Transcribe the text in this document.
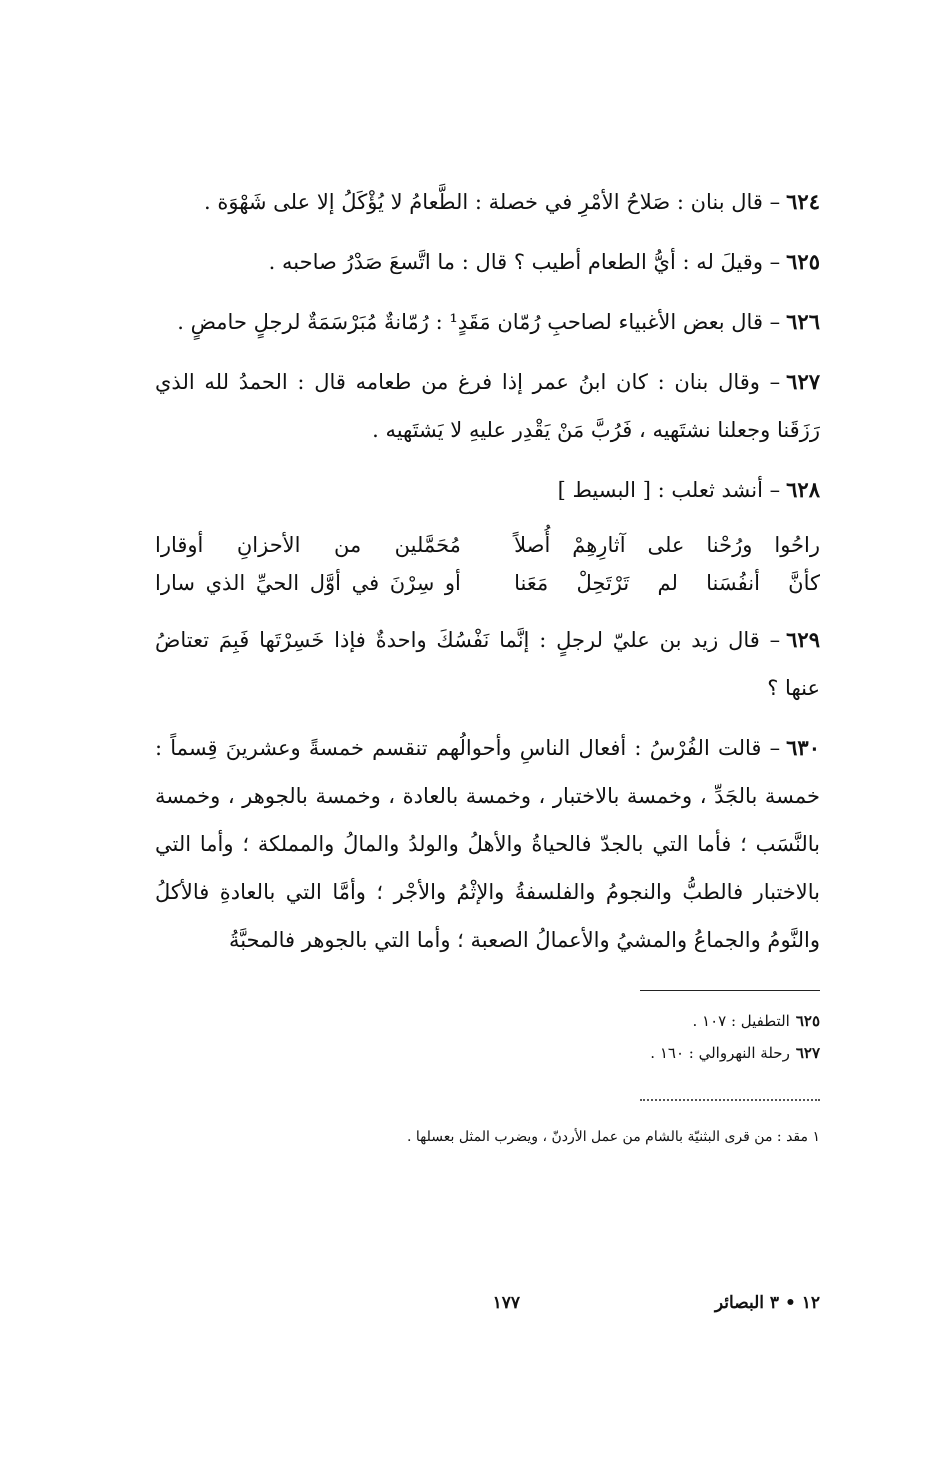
٦٢٤– قال بنان : صَلاحُ الأمْرِ في خصلة : الطَّعامُ لا يُؤْكَلُ إلا على شَهْوَة .

٦٢٥– وقيلَ له : أيُّ الطعام أطيب ؟ قال : ما اتَّسعَ صَدْرُ صاحبه .

٦٢٦– قال بعض الأغبياء لصاحبِ رُمّان مَقَدٍ¹ : رُمّانةٌ مُبَرْسَمَةٌ لرجلٍ حامضٍ .

٦٢٧– وقال بنان : كان ابنُ عمر إذا فرغ من طعامه قال : الحمدُ لله الذي رَزَقَنا وجعلنا نشتَهيه ، فَرُبَّ مَنْ يَقْدِر عليهِ لا يَشتَهيه .

٦٢٨– أنشد ثعلب : [ البسيط ]

راحُوا ورُحْنا على آثارِهِمْ أُصلاً
مُحَمَّلين من الأحزانِ أوقارا
كأنَّ أنفُسَنا لم تَرْتَحِلْ مَعَنا
أو سِرْنَ في أوَّل الحيِّ الذي سارا

٦٢٩– قال زيد بن عليّ لرجلٍ : إنَّما نَفْسُكَ واحدةٌ فإذا خَسِرْتَها فَبِمَ تعتاضُ عنها ؟

٦٣٠– قالت الفُرْسُ : أفعال الناسِ وأحوالُهم تنقسم خمسةً وعشرينَ قِسماً : خمسة بالجَدِّ ، وخمسة بالاختبار ، وخمسة بالعادة ، وخمسة بالجوهر ، وخمسة بالنَّسَب ؛ فأما التي بالجدّ فالحياةُ والأهلُ والولدُ والمالُ والمملكة ؛ وأما التي بالاختبار فالطبُّ والنجومُ والفلسفةُ والإثْمُ والأجْر ؛ وأمَّا التي بالعادةِ فالأكلُ والنَّومُ والجماعُ والمشيُ والأعمالُ الصعبة ؛ وأما التي بالجوهر فالمحبَّةُ

٦٢٥التطفيل : ١٠٧ .
٦٢٧رحلة النهروالي : ١٦٠ .
١ مقد : من قرى البثنيّة بالشام من عمل الأردنّ ، ويضرب المثل بعسلها .
١٢ • ٣ البصائر
١٧٧
